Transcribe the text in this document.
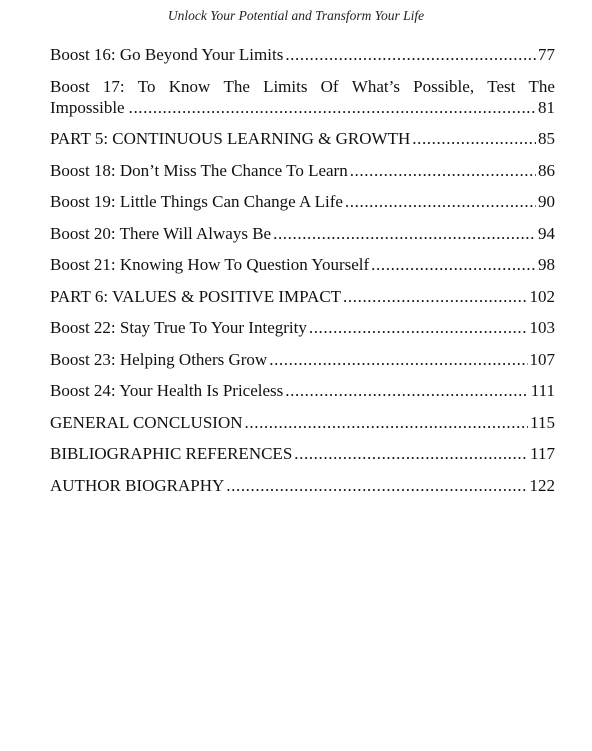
Unlock Your Potential and Transform Your Life
Boost 16: Go Beyond Your Limits .....	77
Boost 17: To Know The Limits Of What’s Possible, Test The
Impossible .....	81
PART 5: CONTINUOUS LEARNING & GROWTH .....	85
Boost 18: Don’t Miss The Chance To Learn .....	86
Boost 19: Little Things Can Change A Life .....	90
Boost 20: There Will Always Be .....	94
Boost 21: Knowing How To Question Yourself .....	98
PART 6: VALUES & POSITIVE IMPACT .....	102
Boost 22: Stay True To Your Integrity .....	103
Boost 23: Helping Others Grow .....	107
Boost 24: Your Health Is Priceless .....	111
GENERAL CONCLUSION .....	115
BIBLIOGRAPHIC REFERENCES .....	117
AUTHOR BIOGRAPHY .....	122
